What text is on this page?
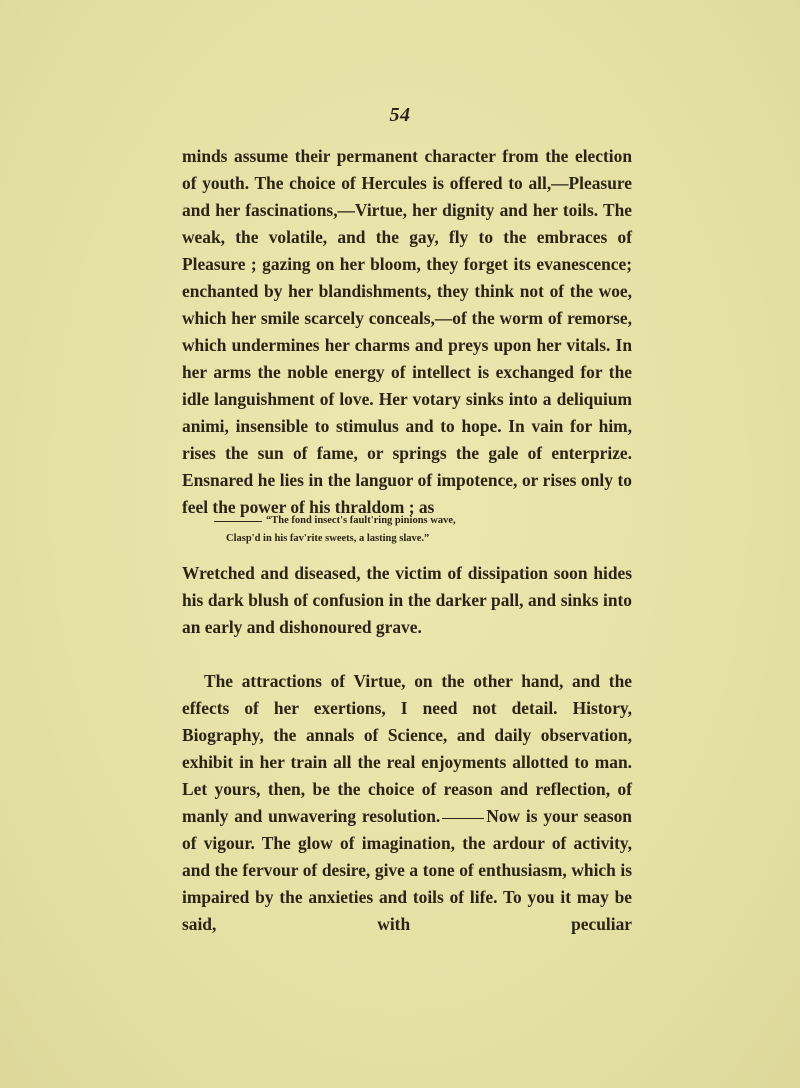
54
minds assume their permanent character from the election of youth. The choice of Hercules is offered to all,—Pleasure and her fascinations,—Virtue, her dignity and her toils. The weak, the volatile, and the gay, fly to the embraces of Pleasure ; gazing on her bloom, they forget its evanescence; enchanted by her blandishments, they think not of the woe, which her smile scarcely conceals,—of the worm of remorse, which undermines her charms and preys upon her vitals. In her arms the noble energy of intellect is exchanged for the idle languishment of love. Her votary sinks into a deliquium animi, insensible to stimulus and to hope. In vain for him, rises the sun of fame, or springs the gale of enterprize. Ensnared he lies in the languor of impotence, or rises only to feel the power of his thraldom ; as
“The fond insect's fault'ring pinions wave,
Clasp'd in his fav'rite sweets, a lasting slave.”
Wretched and diseased, the victim of dissipation soon hides his dark blush of confusion in the darker pall, and sinks into an early and dishonoured grave.
The attractions of Virtue, on the other hand, and the effects of her exertions, I need not detail. History, Biography, the annals of Science, and daily observation, exhibit in her train all the real enjoyments allotted to man. Let yours, then, be the choice of reason and reflection, of manly and unwavering resolution.	Now is your season of vigour. The glow of imagination, the ardour of activity, and the fervour of desire, give a tone of enthusiasm, which is impaired by the anxieties and toils of life. To you it may be said, with peculiar
